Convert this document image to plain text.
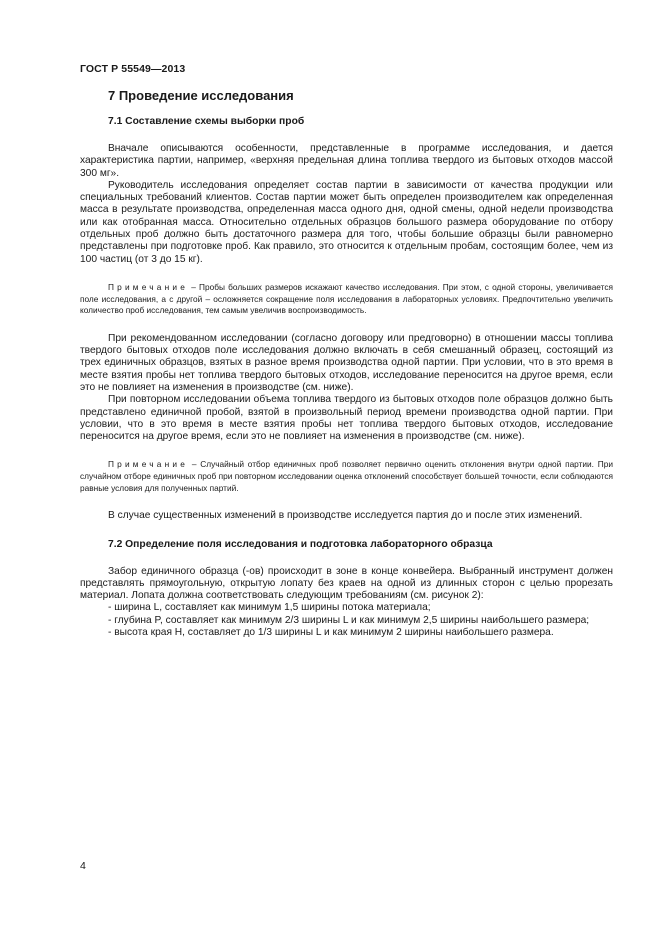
ГОСТ Р 55549—2013
7 Проведение исследования
7.1 Составление схемы выборки проб

Вначале описываются особенности, представленные в программе исследования, и дается характеристика партии, например, «верхняя предельная длина топлива твердого из бытовых отходов массой 300 мг».

Руководитель исследования определяет состав партии в зависимости от качества продукции или специальных требований клиентов. Состав партии может быть определен производителем как определенная масса в результате производства, определенная масса одного дня, одной смены, одной недели производства или как отобранная масса. Относительно отдельных образцов большого размера оборудование по отбору отдельных проб должно быть достаточного размера для того, чтобы большие образцы были равномерно представлены при подготовке проб. Как правило, это относится к отдельным пробам, состоящим более, чем из 100 частиц (от 3 до 15 кг).

Примечание – Пробы больших размеров искажают качество исследования. При этом, с одной стороны, увеличивается поле исследования, а с другой – осложняется сокращение поля исследования в лабораторных условиях. Предпочтительно увеличить количество проб исследования, тем самым увеличив воспроизводимость.

При рекомендованном исследовании (согласно договору или предговорно) в отношении массы топлива твердого бытовых отходов поле исследования должно включать в себя смешанный образец, состоящий из трех единичных образцов, взятых в разное время производства одной партии. При условии, что в это время в месте взятия пробы нет топлива твердого бытовых отходов, исследование переносится на другое время, если это не повлияет на изменения в производстве (см. ниже).

При повторном исследовании объема топлива твердого из бытовых отходов поле образцов должно быть представлено единичной пробой, взятой в произвольный период времени производства одной партии. При условии, что в это время в месте взятия пробы нет топлива твердого бытовых отходов, исследование переносится на другое время, если это не повлияет на изменения в производстве (см. ниже).

Примечание – Случайный отбор единичных проб позволяет первично оценить отклонения внутри одной партии. При случайном отборе единичных проб при повторном исследовании оценка отклонений способствует большей точности, если соблюдаются равные условия для полученных партий.

В случае существенных изменений в производстве исследуется партия до и после этих изменений.

7.2 Определение поля исследования и подготовка лабораторного образца

Забор единичного образца (-ов) происходит в зоне в конце конвейера. Выбранный инструмент должен представлять прямоугольную, открытую лопату без краев на одной из длинных сторон с целью прорезать материал. Лопата должна соответствовать следующим требованиям (см. рисунок 2):

- ширина L, составляет как минимум 1,5 ширины потока материала;
- глубина P, составляет как минимум 2/3 ширины L и как минимум 2,5 ширины наибольшего размера;
- высота края H, составляет до 1/3 ширины L и как минимум 2 ширины наибольшего размера.
4
